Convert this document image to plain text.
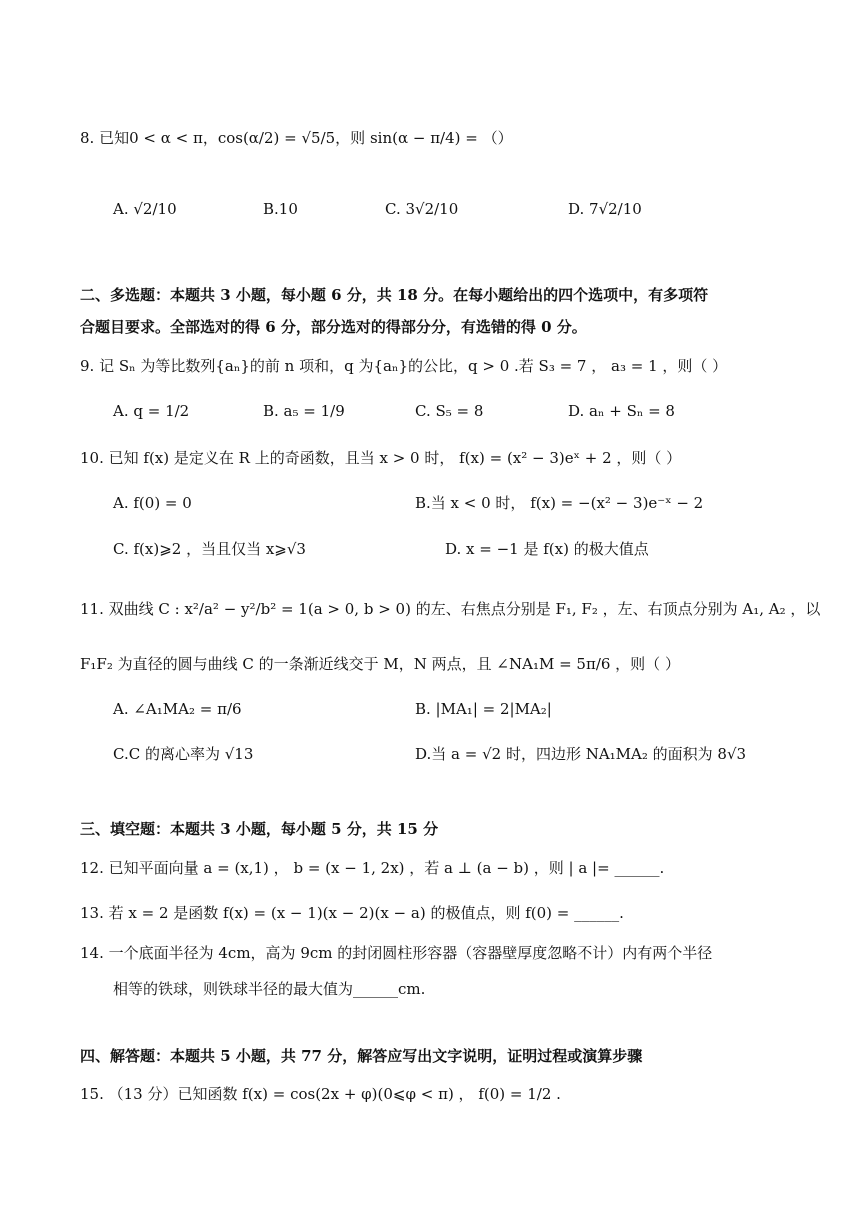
8. 已知0 < α < π，cos(α/2) = √5/5，则 sin(α − π/4) = （）
A. √2/10	B.10	C. 3√2/10	D. 7√2/10
二、多选题：本题共 3 小题，每小题 6 分，共 18 分。在每小题给出的四个选项中，有多项符
合题目要求。全部选对的得 6 分，部分选对的得部分分，有选错的得 0 分。
9. 记 Sₙ 为等比数列{aₙ}的前 n 项和，q 为{aₙ}的公比，q > 0 .若 S₃ = 7 ， a₃ = 1 ，则（ ）
A. q = 1/2	B. a₅ = 1/9	C. S₅ = 8	D. aₙ + Sₙ = 8
10. 已知 f(x) 是定义在 R 上的奇函数，且当 x > 0 时， f(x) = (x² − 3)eˣ + 2 ，则（ ）
A. f(0) = 0	B.当 x < 0 时， f(x) = −(x² − 3)e⁻ˣ − 2
C. f(x)⩾2 ，当且仅当 x⩾√3	D. x = −1 是 f(x) 的极大值点
11. 双曲线 C : x²/a² − y²/b² = 1(a > 0, b > 0) 的左、右焦点分别是 F₁, F₂ ，左、右顶点分别为 A₁, A₂ ，以
F₁F₂ 为直径的圆与曲线 C 的一条渐近线交于 M，N 两点，且 ∠NA₁M = 5π/6 ，则（ ）
A. ∠A₁MA₂ = π/6	B. |MA₁| = 2|MA₂|
C.C 的离心率为 √13	D.当 a = √2 时，四边形 NA₁MA₂ 的面积为 8√3
三、填空题：本题共 3 小题，每小题 5 分，共 15 分
12. 已知平面向量 a = (x,1) ， b = (x − 1, 2x) ，若 a ⊥ (a − b) ，则 | a |= ______.
13. 若 x = 2 是函数 f(x) = (x − 1)(x − 2)(x − a) 的极值点，则 f(0) = ______.
14. 一个底面半径为 4cm，高为 9cm 的封闭圆柱形容器（容器壁厚度忽略不计）内有两个半径
相等的铁球，则铁球半径的最大值为______cm.
四、解答题：本题共 5 小题，共 77 分，解答应写出文字说明，证明过程或演算步骤
15. （13 分）已知函数 f(x) = cos(2x + φ)(0⩽φ < π) ， f(0) = 1/2 .
